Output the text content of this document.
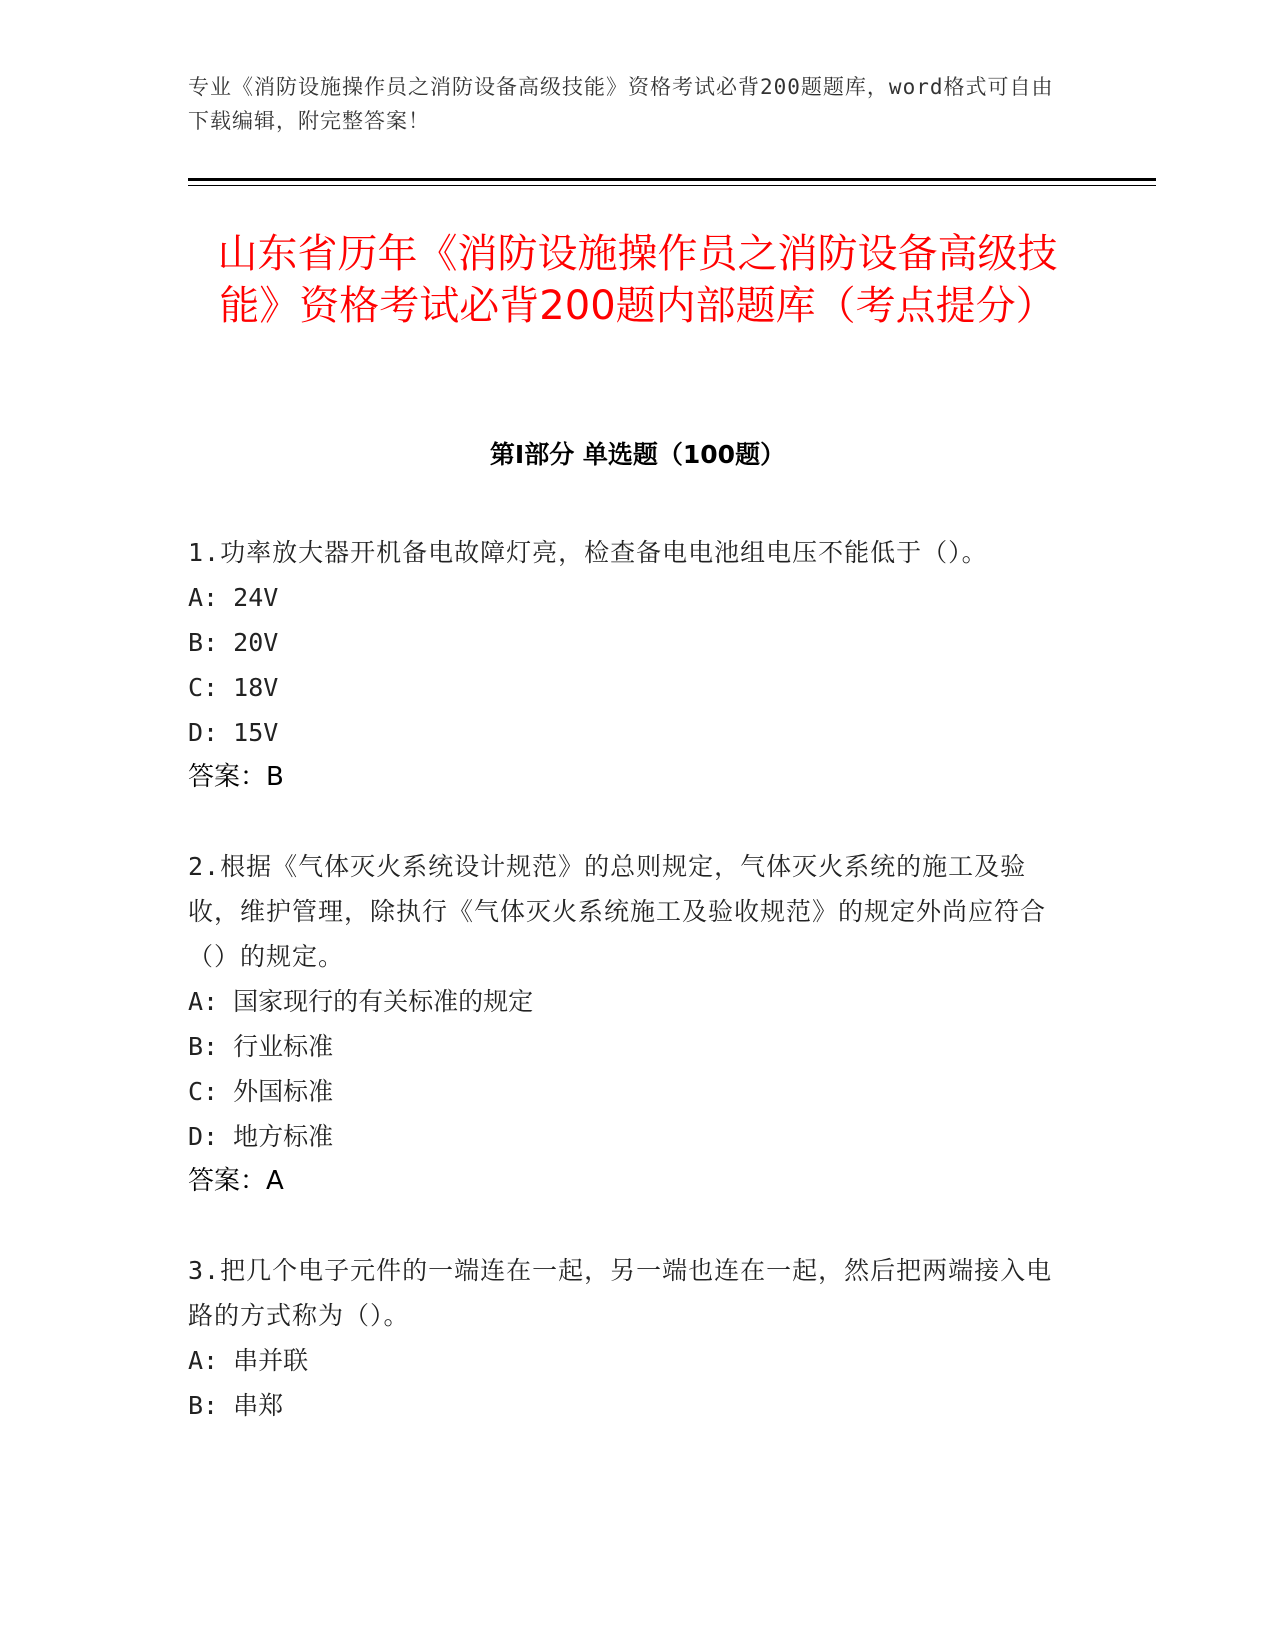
专业《消防设施操作员之消防设备高级技能》资格考试必背200题题库，word格式可自由下载编辑，附完整答案！
山东省历年《消防设施操作员之消防设备高级技能》资格考试必背200题内部题库（考点提分）
第I部分 单选题（100题）

1.功率放大器开机备电故障灯亮，检查备电电池组电压不能低于（）。

A: 24V

B: 20V

C: 18V

D: 15V

答案：B

2.根据《气体灭火系统设计规范》的总则规定，气体灭火系统的施工及验收，维护管理，除执行《气体灭火系统施工及验收规范》的规定外尚应符合（）的规定。

A: 国家现行的有关标准的规定

B: 行业标准

C: 外国标准

D: 地方标准

答案：A

3.把几个电子元件的一端连在一起，另一端也连在一起，然后把两端接入电路的方式称为（）。

A: 串并联

B: 串郑
